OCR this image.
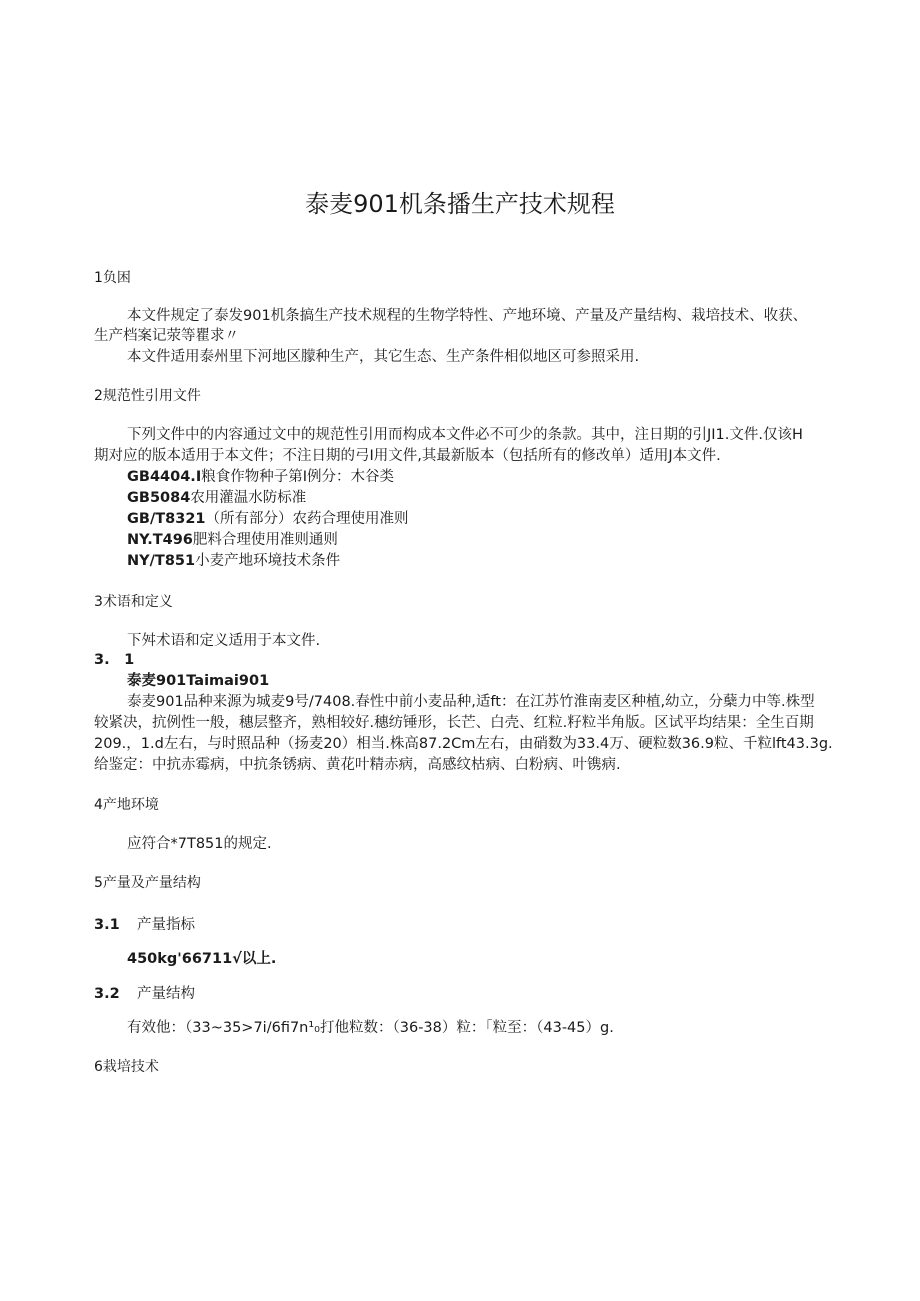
泰麦901机条播生产技术规程
1负困
本文件规定了泰发901机条搞生产技术规程的生物学特性、产地环境、产量及产量结构、栽培技术、收获、
生产档案记荥等瞿求〃
本文件适用泰州里下河地区朦种生产，其它生态、生产条件相似地区可参照采用.
2规范性引用文件
下列文件中的内容通过文中的规范性引用而构成本文件必不可少的条款。其中，注日期的引JI1.文件.仅该H
期对应的版本适用于本文件；不注日期的弓I用文件,其最新版本（包括所有的修改单）适用J本文件.
GB4404.I粮食作物种子第I例分：木谷类
GB5084农用灌温水防标准
GB/T8321（所有部分）农药合理使用准则
NY.T496肥料合理使用准则通则
NY/T851小麦产地环境技术条件
3术语和定义
下舛术语和定义适用于本文件.
3.　1
泰麦901Taimai901
泰麦901品种来源为城麦9号/7408.春性中前小麦品种,适ft：在江苏竹淮南麦区种植,幼立，分蘖力中等.株型
较紧决，抗例性一般，穗层整齐，熟相较好.穗纺锤形，长芒、白壳、红粒.籽粒半角版。区试平均结果：全生百期
209.，1.d左右，与时照品种（扬麦20）相当.株高87.2Cm左右，由硝数为33.4万、硬粒数36.9粒、千粒lft43.3g.
给鉴定：中抗赤霉病，中抗条锈病、黄花叶精赤病，高感纹枯病、白粉病、叶镌病.
4产地环境
应符合*7T851的规定.
5产量及产量结构
3.1 产量指标
450kg'66711√以上.
3.2 产量结构
有效他：（33~35>7i/6fi7n¹₀打他粒数：（36-38）粒：「粒至：（43-45）g.
6栽培技术
